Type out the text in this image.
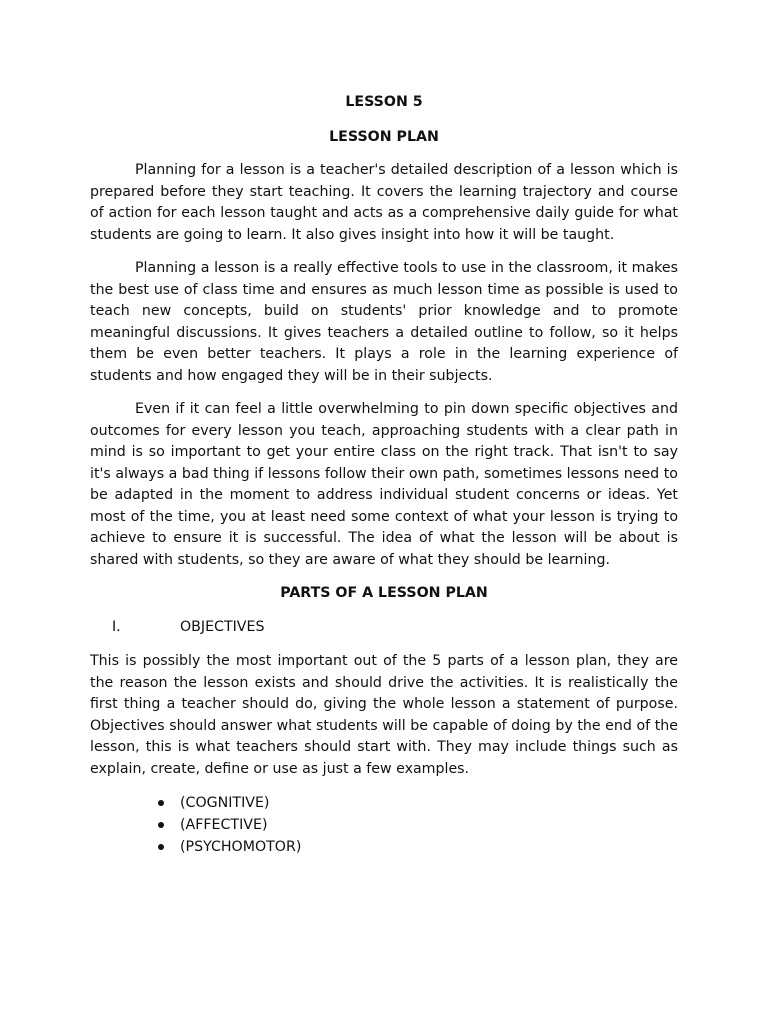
LESSON 5

LESSON PLAN

Planning for a lesson is a teacher's detailed description of a lesson which is prepared before they start teaching. It covers the learning trajectory and course of action for each lesson taught and acts as a comprehensive daily guide for what students are going to learn. It also gives insight into how it will be taught.

Planning a lesson is a really effective tools to use in the classroom, it makes the best use of class time and ensures as much lesson time as possible is used to teach new concepts, build on students' prior knowledge and to promote meaningful discussions. It gives teachers a detailed outline to follow, so it helps them be even better teachers. It plays a role in the learning experience of students and how engaged they will be in their subjects.

Even if it can feel a little overwhelming to pin down specific objectives and outcomes for every lesson you teach, approaching students with a clear path in mind is so important to get your entire class on the right track. That isn't to say it's always a bad thing if lessons follow their own path, sometimes lessons need to be adapted in the moment to address individual student concerns or ideas. Yet most of the time, you at least need some context of what your lesson is trying to achieve to ensure it is successful. The idea of what the lesson will be about is shared with students, so they are aware of what they should be learning.

PARTS OF A LESSON PLAN

I.	OBJECTIVES

This is possibly the most important out of the 5 parts of a lesson plan, they are the reason the lesson exists and should drive the activities. It is realistically the first thing a teacher should do, giving the whole lesson a statement of purpose. Objectives should answer what students will be capable of doing by the end of the lesson, this is what teachers should start with. They may include things such as explain, create, define or use as just a few examples.

(COGNITIVE)
(AFFECTIVE)
(PSYCHOMOTOR)
